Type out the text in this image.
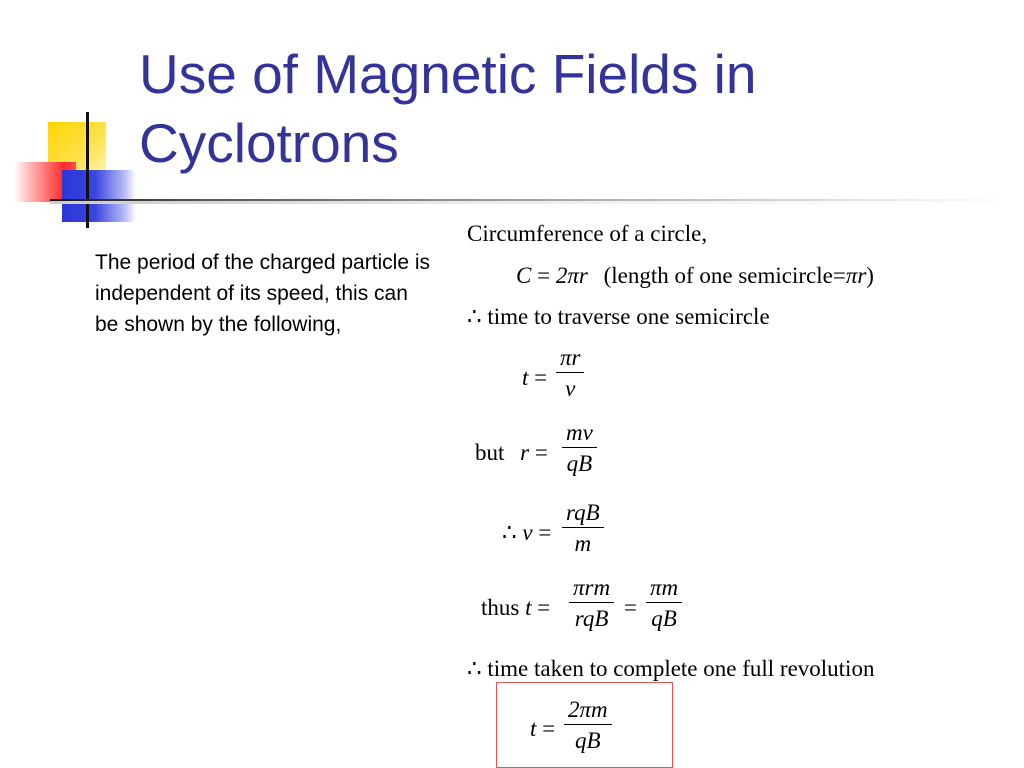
Use of Magnetic Fields in
Cyclotrons

The period of the charged particle is independent of its speed, this can be shown by the following,

Circumference of a circle,
C = 2πr (length of one semicircle=πr)
∴ time to traverse one semicircle
$t = \frac{\pi r}{v}$
but $r = \frac{mv}{qB}$
∴ v =
rqB
m
thus t =
πrm
rqB = $\frac{\pi m}{qB}$
∴ time taken to complete one full revolution
$t = \frac{2\pi m}{qB}$
